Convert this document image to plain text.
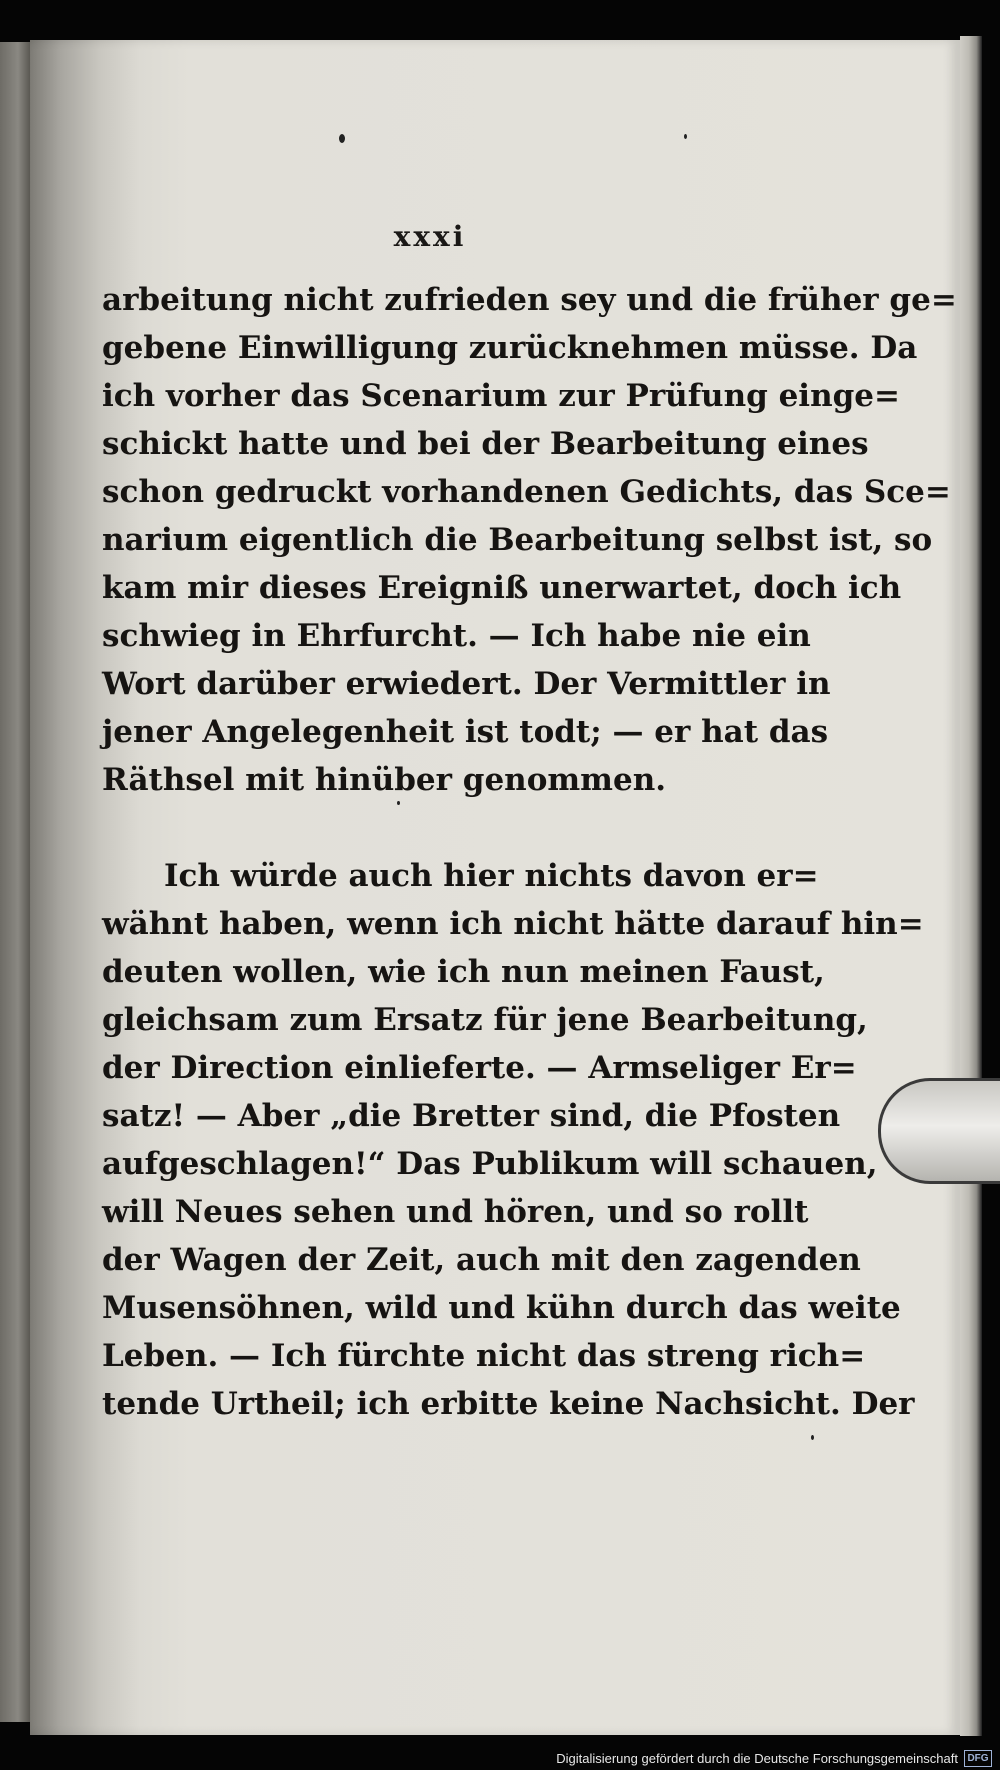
xxxi
arbeitung nicht zufrieden sey und die früher ge=
gebene Einwilligung zurücknehmen müsse. Da
ich vorher das Scenarium zur Prüfung einge=
schickt hatte und bei der Bearbeitung eines
schon gedruckt vorhandenen Gedichts, das Sce=
narium eigentlich die Bearbeitung selbst ist, so
kam mir dieses Ereigniß unerwartet, doch ich
schwieg in Ehrfurcht. — Ich habe nie ein
Wort darüber erwiedert. Der Vermittler in
jener Angelegenheit ist todt; — er hat das
Räthsel mit hinüber genommen.
Ich würde auch hier nichts davon er=
wähnt haben, wenn ich nicht hätte darauf hin=
deuten wollen, wie ich nun meinen Faust,
gleichsam zum Ersatz für jene Bearbeitung,
der Direction einlieferte. — Armseliger Er=
satz! — Aber „die Bretter sind, die Pfosten
aufgeschlagen!“ Das Publikum will schauen,
will Neues sehen und hören, und so rollt
der Wagen der Zeit, auch mit den zagenden
Musensöhnen, wild und kühn durch das weite
Leben. — Ich fürchte nicht das streng rich=
tende Urtheil; ich erbitte keine Nachsicht. Der
Digitalisierung gefördert durch die Deutsche Forschungsgemeinschaft DFG
